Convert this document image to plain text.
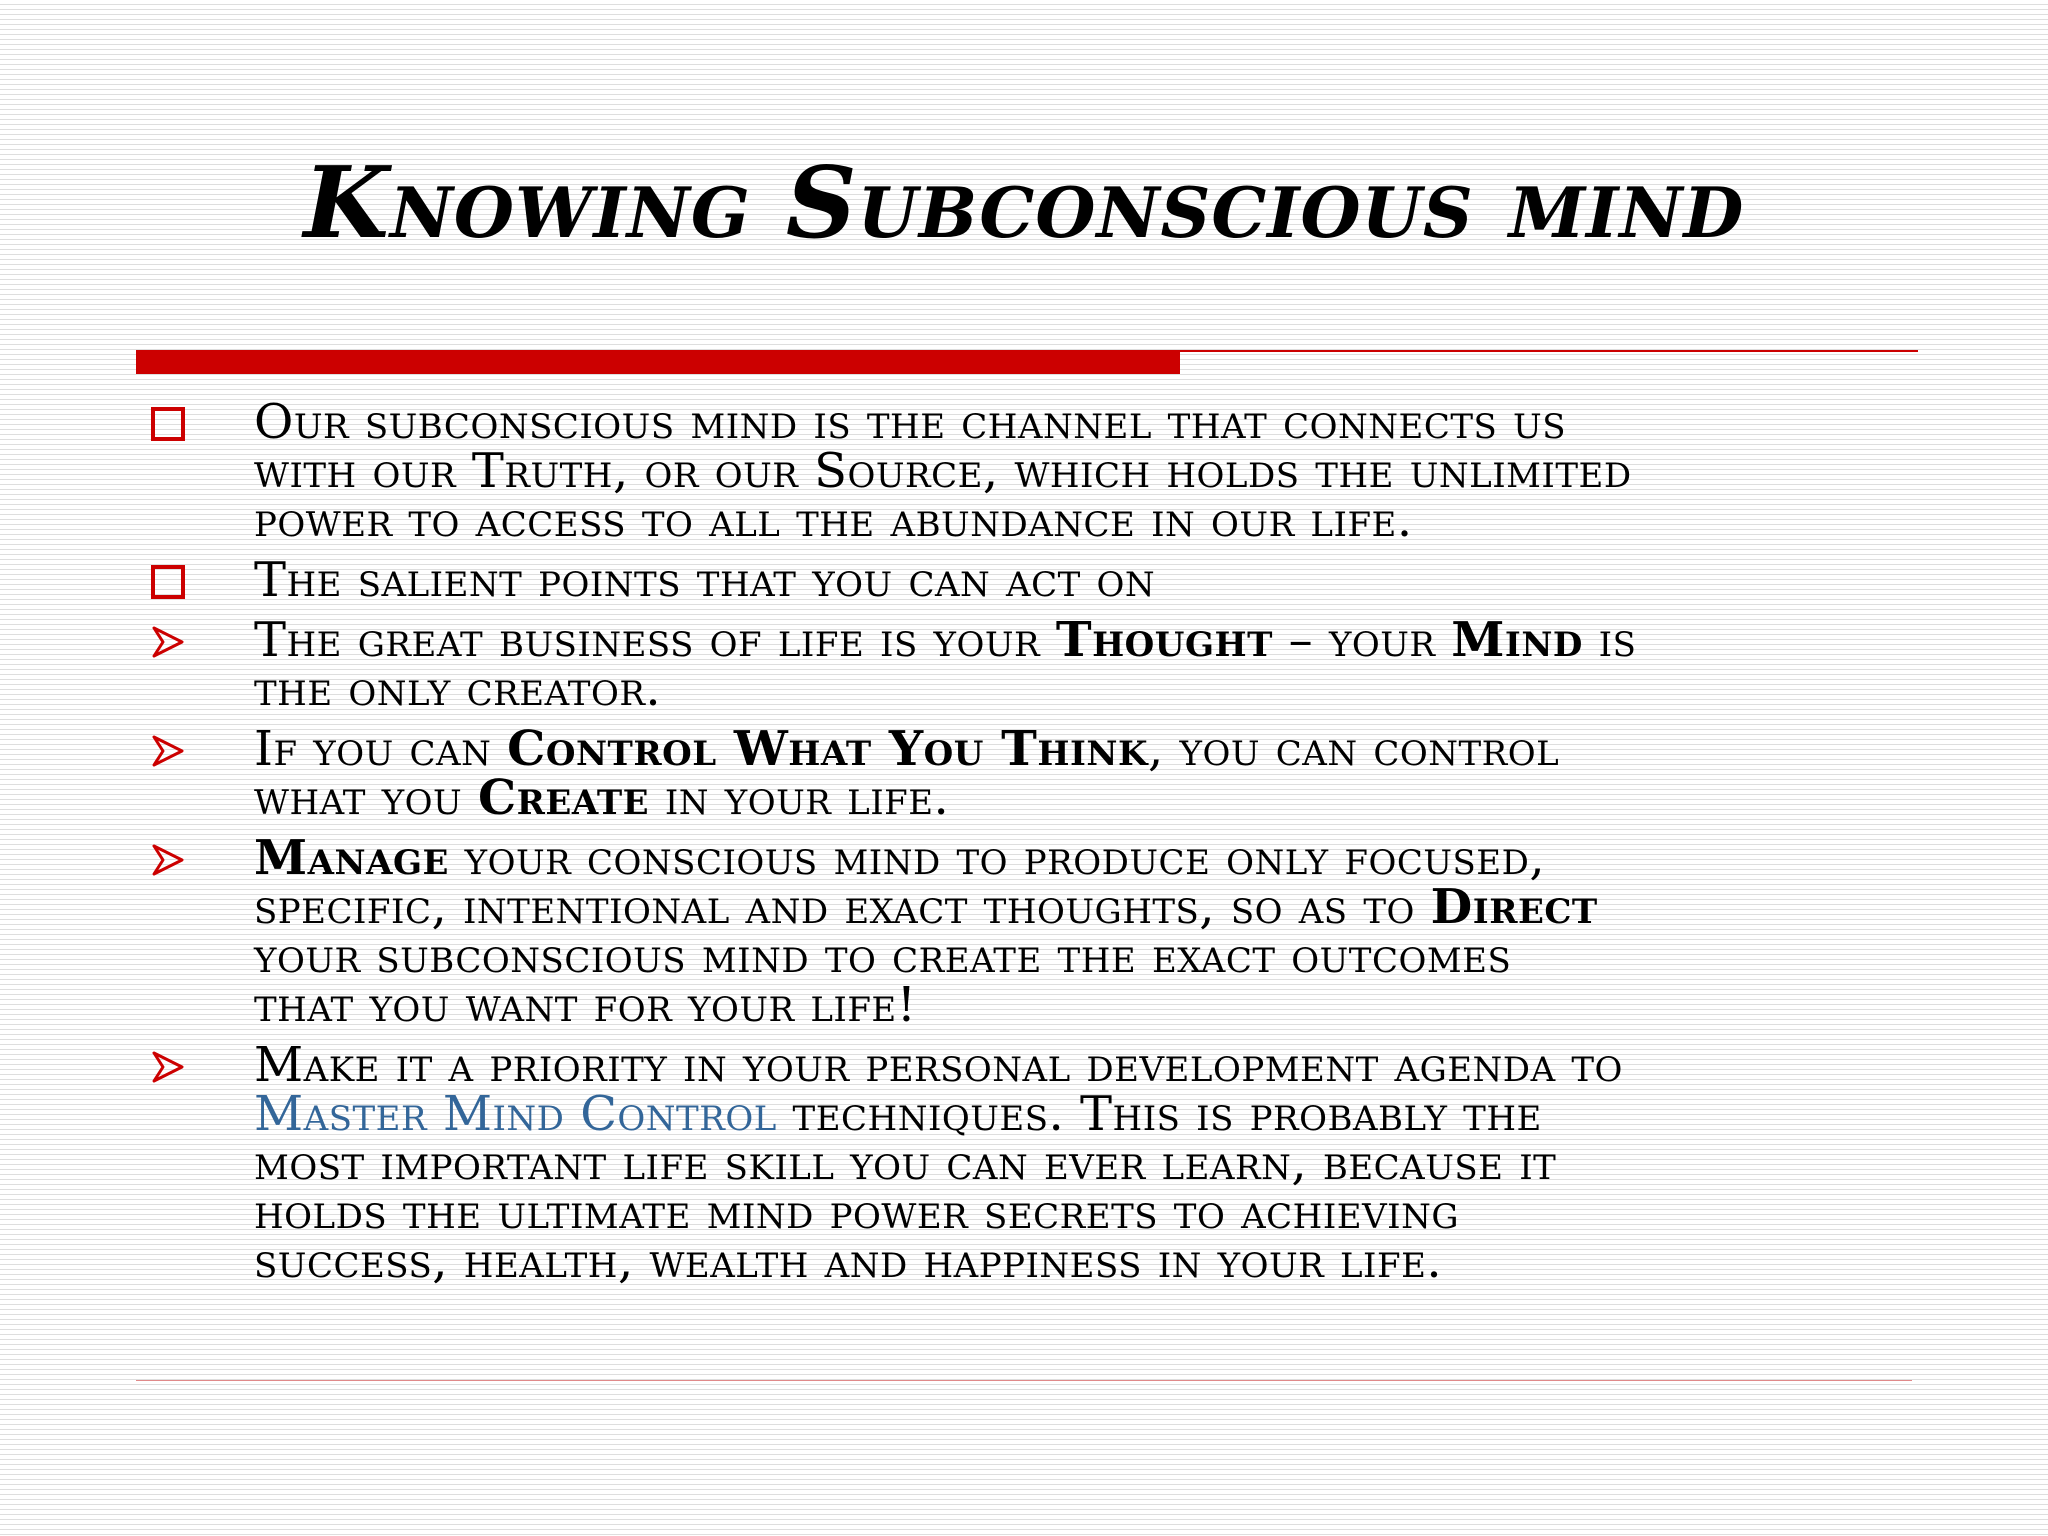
Knowing Subconscious mind
Our subconscious mind is the channel that connects us
with our Truth, or our Source, which holds the unlimited
power to access to all the abundance in our life.
The salient points that you can act on
The great business of life is your Thought – your Mind is
the only creator.
If you can Control What You Think, you can control
what you Create in your life.
Manage your conscious mind to produce only focused,
specific, intentional and exact thoughts, so as to Direct
your subconscious mind to create the exact outcomes
that you want for your life!
Make it a priority in your personal development agenda to
Master Mind Control techniques. This is probably the
most important life skill you can ever learn, because it
holds the ultimate mind power secrets to achieving
success, health, wealth and happiness in your life.
